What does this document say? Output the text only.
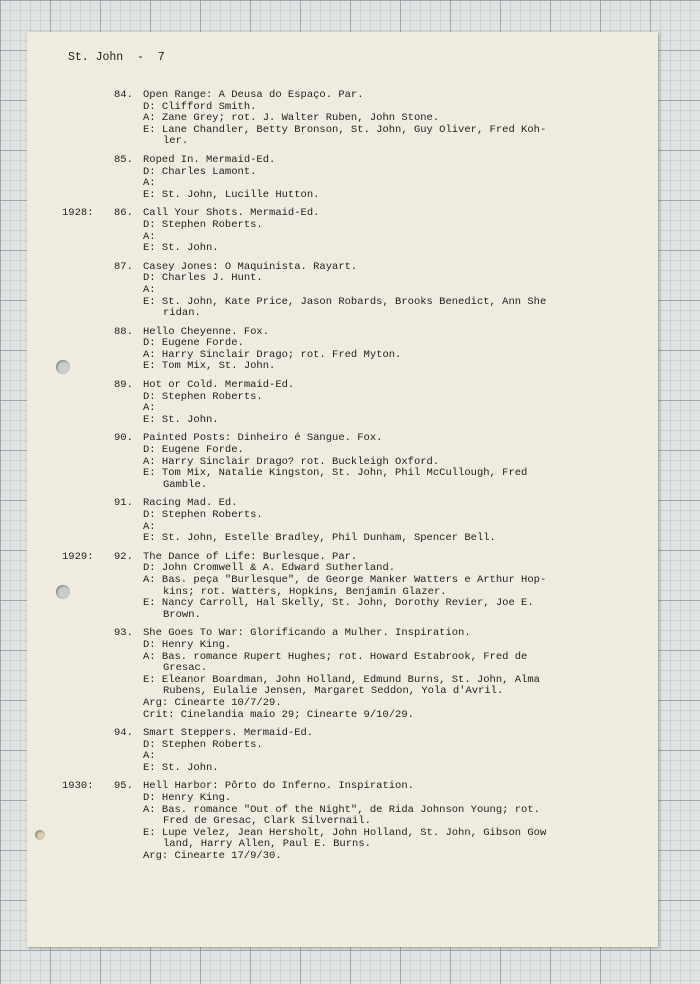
St. John  -  7
Open Range: A Deusa do Espaço. Par.
84.
D: Clifford Smith.
A: Zane Grey; rot. J. Walter Ruben, John Stone.
E: Lane Chandler, Betty Bronson, St. John, Guy Oliver, Fred Koh-
ler.
Roped In. Mermaid-Ed.
85.
D: Charles Lamont.
A:
E: St. John, Lucille Hutton.
Call Your Shots. Mermaid-Ed.
1928: 86.
D: Stephen Roberts.
A:
E: St. John.
Casey Jones: O Maquinista. Rayart.
87.
D: Charles J. Hunt.
A:
E: St. John, Kate Price, Jason Robards, Brooks Benedict, Ann She
ridan.
Hello Cheyenne. Fox.
88.
D: Eugene Forde.
A: Harry Sinclair Drago; rot. Fred Myton.
E: Tom Mix, St. John.
Hot or Cold. Mermaid-Ed.
89.
D: Stephen Roberts.
A:
E: St. John.
Painted Posts: Dinheiro é Sangue. Fox.
90.
D: Eugene Forde.
A: Harry Sinclair Drago? rot. Buckleigh Oxford.
E: Tom Mix, Natalie Kingston, St. John, Phil McCullough, Fred
Gamble.
Racing Mad. Ed.
91.
D: Stephen Roberts.
A:
E: St. John, Estelle Bradley, Phil Dunham, Spencer Bell.
The Dance of Life: Burlesque. Par.
1929: 92.
D: John Cromwell & A. Edward Sutherland.
A: Bas. peça "Burlesque", de George Manker Watters e Arthur Hop-
kins; rot. Watters, Hopkins, Benjamin Glazer.
E: Nancy Carroll, Hal Skelly, St. John, Dorothy Revier, Joe E.
Brown.
She Goes To War: Glorificando a Mulher. Inspiration.
93.
D: Henry King.
A: Bas. romance Rupert Hughes; rot. Howard Estabrook, Fred de
Gresac.
E: Eleanor Boardman, John Holland, Edmund Burns, St. John, Alma
Rubens, Eulalie Jensen, Margaret Seddon, Yola d'Avril.
Arg: Cinearte 10/7/29.
Crit: Cinelandia maio 29; Cinearte 9/10/29.
Smart Steppers. Mermaid-Ed.
94.
D: Stephen Roberts.
A:
E: St. John.
Hell Harbor: Pôrto do Inferno. Inspiration.
1930: 95.
D: Henry King.
A: Bas. romance "Out of the Night", de Rida Johnson Young; rot.
Fred de Gresac, Clark Silvernail.
E: Lupe Velez, Jean Hersholt, John Holland, St. John, Gibson Gow
land, Harry Allen, Paul E. Burns.
Arg: Cinearte 17/9/30.
